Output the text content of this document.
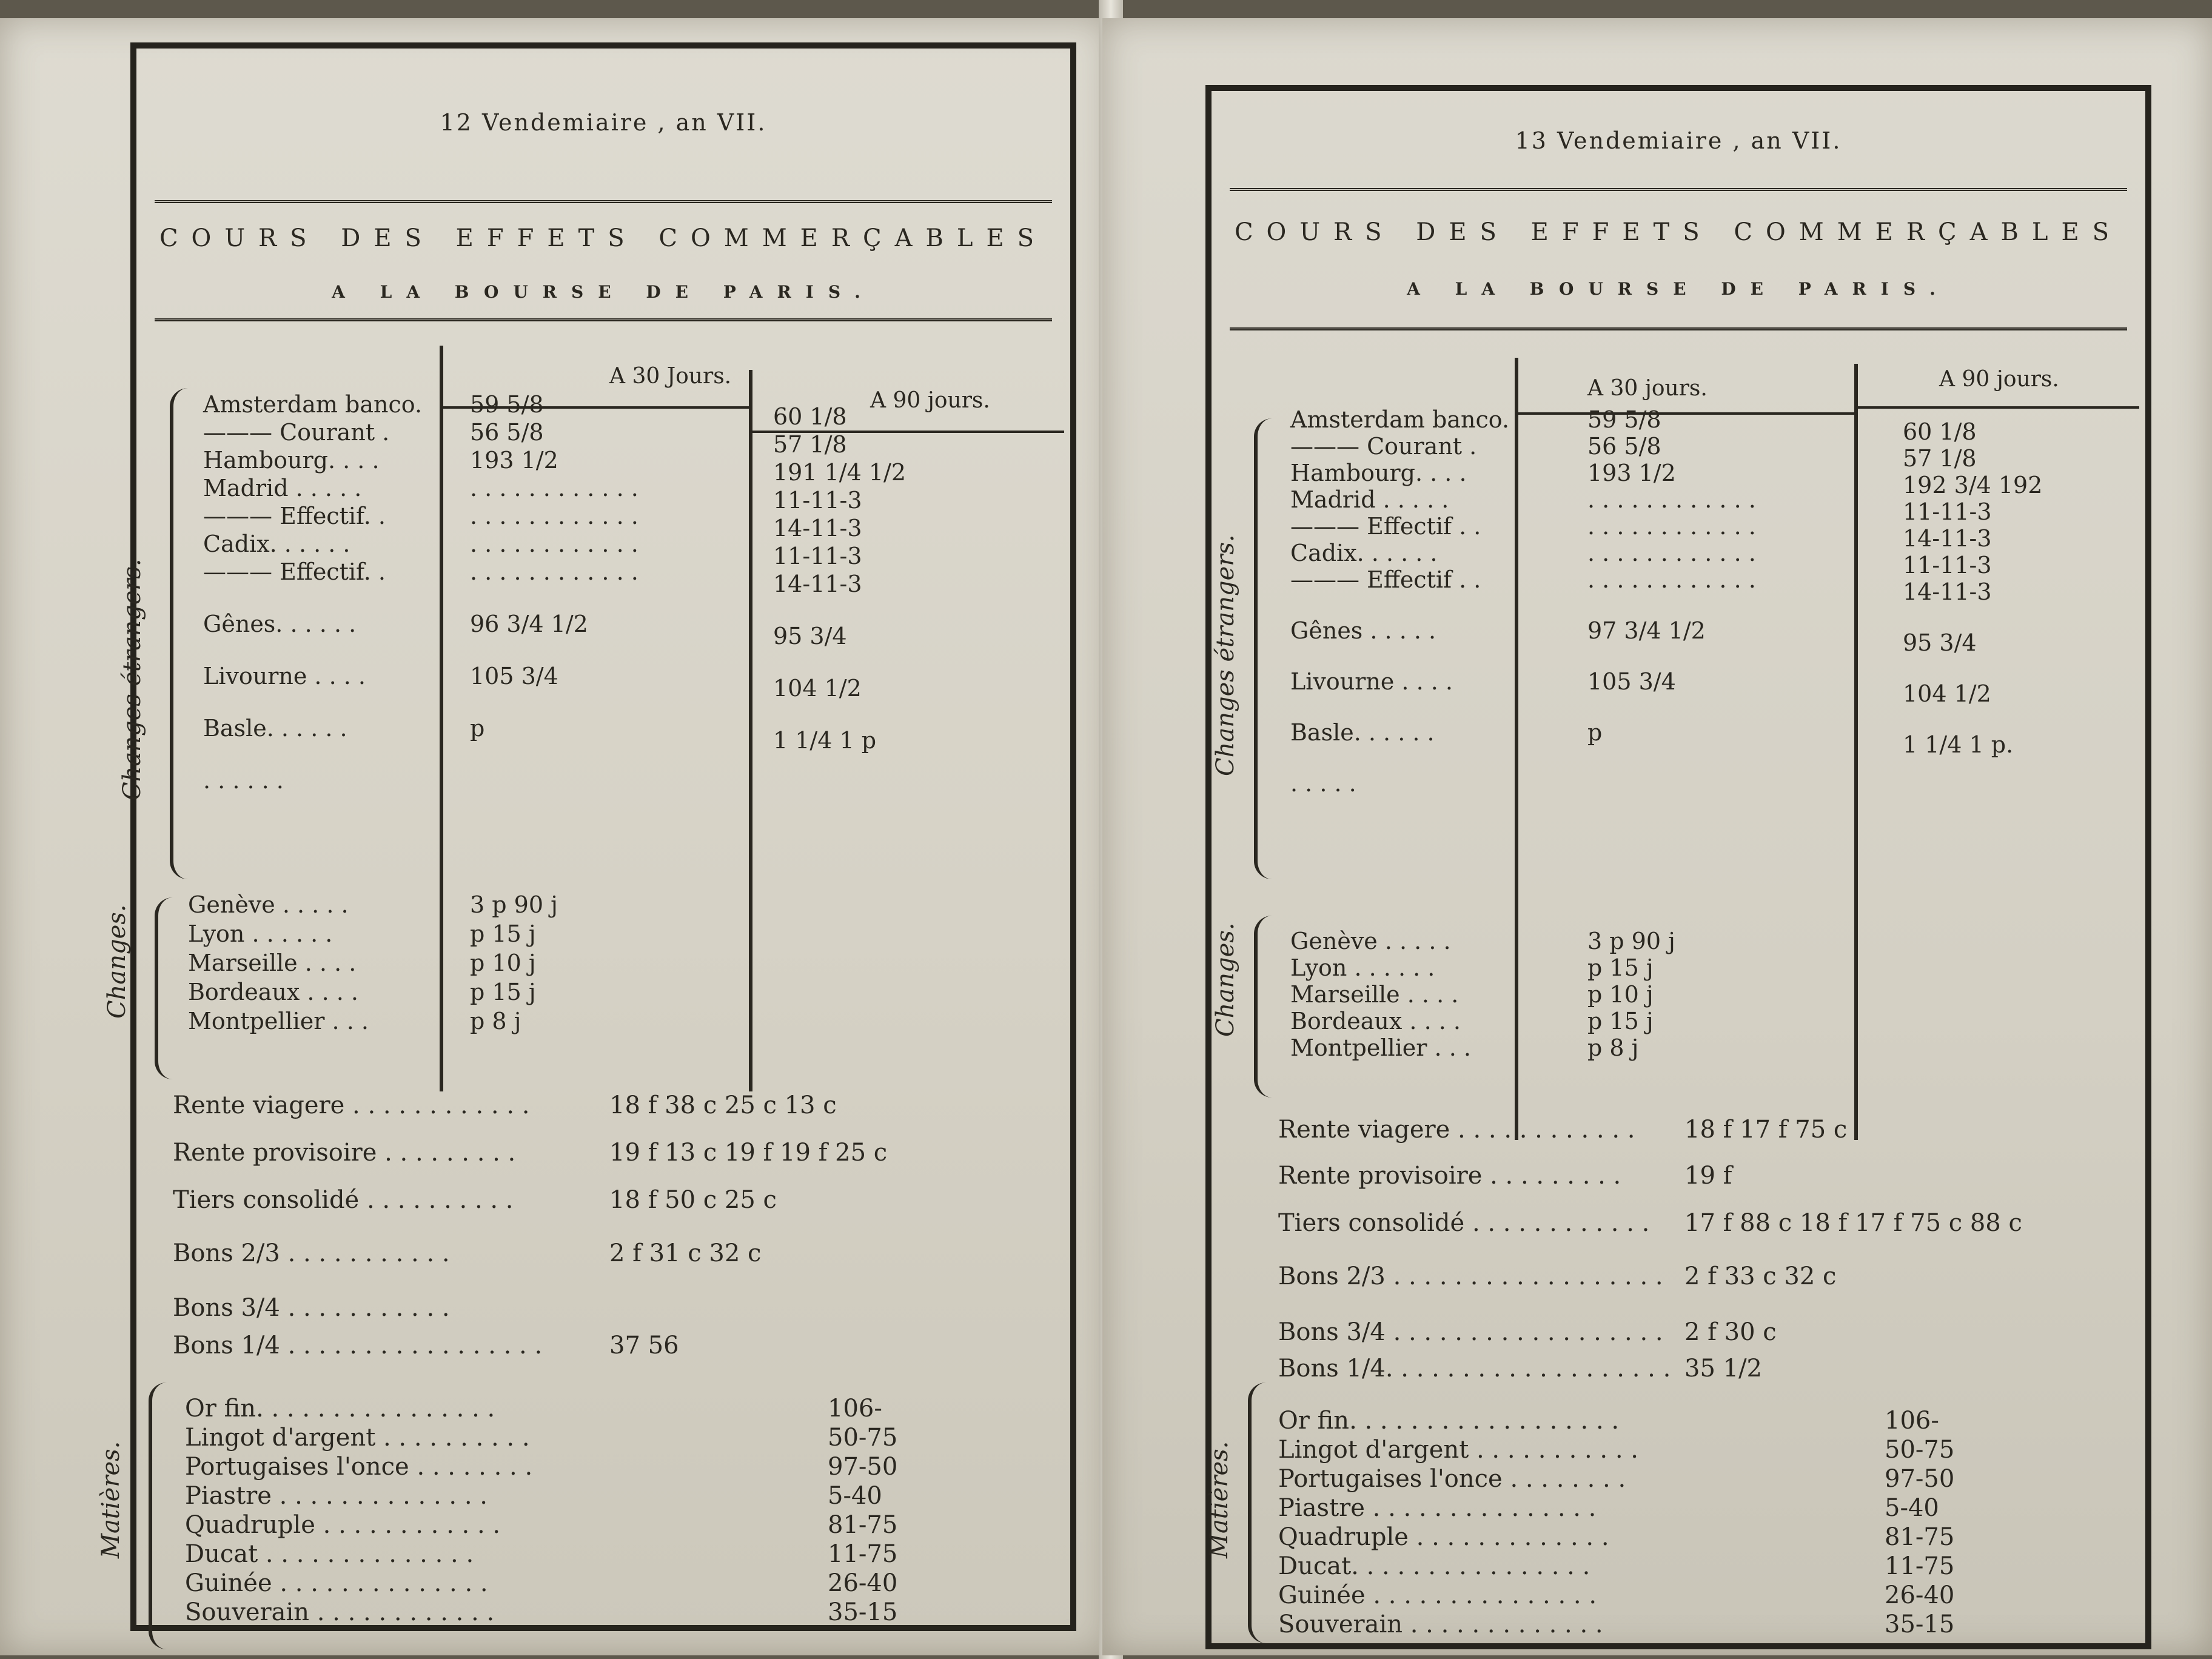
12 Vendemiaire , an VII.
COURS DES EFFETS COMMERÇABLES
A LA BOURSE DE PARIS.
A 30 Jours.
A 90 jours.
Changes étrangers.
Amsterdam banco. 59 5/8	60 1/8
——— Courant .	56 5/8	57 1/8
Hambourg. . . .	193 1/2	191 1/4 1/2
Madrid . . . . .	. . . . . . . . . . . .	11-11-3
——— Effectif. .	. . . . . . . . . . . .	14-11-3
Cadix. . . . . .	. . . . . . . . . . . .	11-11-3
——— Effectif. .	. . . . . . . . . . . .	14-11-3
Gênes. . . . . .	96 3/4 1/2	95 3/4
Livourne . . . .	105 3/4	104 1/2
Basle. . . . . .	p	1 1/4 1 p
. . . . . .
Changes. Genève . . . . .	3 p 90 j
Lyon . . . . . .	p 15 j
Marseille . . . .	p 10 j
Bordeaux . . . .	p 15 j
Montpellier . . .	p 8 j
Rente viagere . . . . . . . . . . . .	18 f 38 c 25 c 13 c
Rente provisoire . . . . . . . . .	19 f 13 c 19 f 19 f 25 c
Tiers consolidé . . . . . . . . . .	18 f 50 c 25 c
Bons 2/3 . . . . . . . . . . .	2 f 31 c 32 c
Bons 3/4 . . . . . . . . . . .
Bons 1/4 . . . . . . . . . . . . . . . . .	37 56
Matières.
Or fin. . . . . . . . . . . . . . . .	106-
Lingot d'argent . . . . . . . . . .	50-75
Portugaises l'once . . . . . . . .	97-50
Piastre . . . . . . . . . . . . . .	5-40
Quadruple . . . . . . . . . . . .	81-75
Ducat . . . . . . . . . . . . . .	11-75
Guinée . . . . . . . . . . . . . .	26-40
Souverain . . . . . . . . . . . .	35-15
13 Vendemiaire , an VII.
COURS DES EFFETS COMMERÇABLES
A LA BOURSE DE PARIS.
A 30 jours.	A 90 jours.
Changes étrangers.
Amsterdam banco.	59 5/8	60 1/8
——— Courant .	56 5/8	57 1/8
Hambourg. . . .	193 1/2	192 3/4 192
Madrid . . . . .	. . . . . . . . . . . .	11-11-3
——— Effectif . .	. . . . . . . . . . . .	14-11-3
Cadix. . . . . .	. . . . . . . . . . . .	11-11-3
——— Effectif . .	. . . . . . . . . . . .	14-11-3
Gênes . . . . .	97 3/4 1/2	95 3/4
Livourne . . . .	105 3/4	104 1/2
Basle. . . . . .	p	1 1/4 1 p.
. . . . .
Changes. Genève . . . . .	3 p 90 j
Lyon . . . . . .	p 15 j
Marseille . . . .	p 10 j
Bordeaux . . . .	p 15 j
Montpellier . . .	p 8 j
Rente viagere . . . . . . . . . . . . 18 f 17 f 75 c
Rente provisoire . . . . . . . . .	19 f
Tiers consolidé . . . . . . . . . . . . 17 f 88 c 18 f 17 f 75 c 88 c
Bons 2/3 . . . . . . . . . . . . . . . . . . 2 f 33 c 32 c
Bons 3/4 . . . . . . . . . . . . . . . . . . 2 f 30 c
Bons 1/4. . . . . . . . . . . . . . . . . . . 35 1/2
Matières.
Or fin. . . . . . . . . . . . . . . . . .	106-
Lingot d'argent . . . . . . . . . . .	50-75
Portugaises l'once . . . . . . . .	97-50
Piastre . . . . . . . . . . . . . . .	5-40
Quadruple . . . . . . . . . . . . .	81-75
Ducat. . . . . . . . . . . . . . . .	11-75
Guinée . . . . . . . . . . . . . . .	26-40
Souverain . . . . . . . . . . . . .	35-15
